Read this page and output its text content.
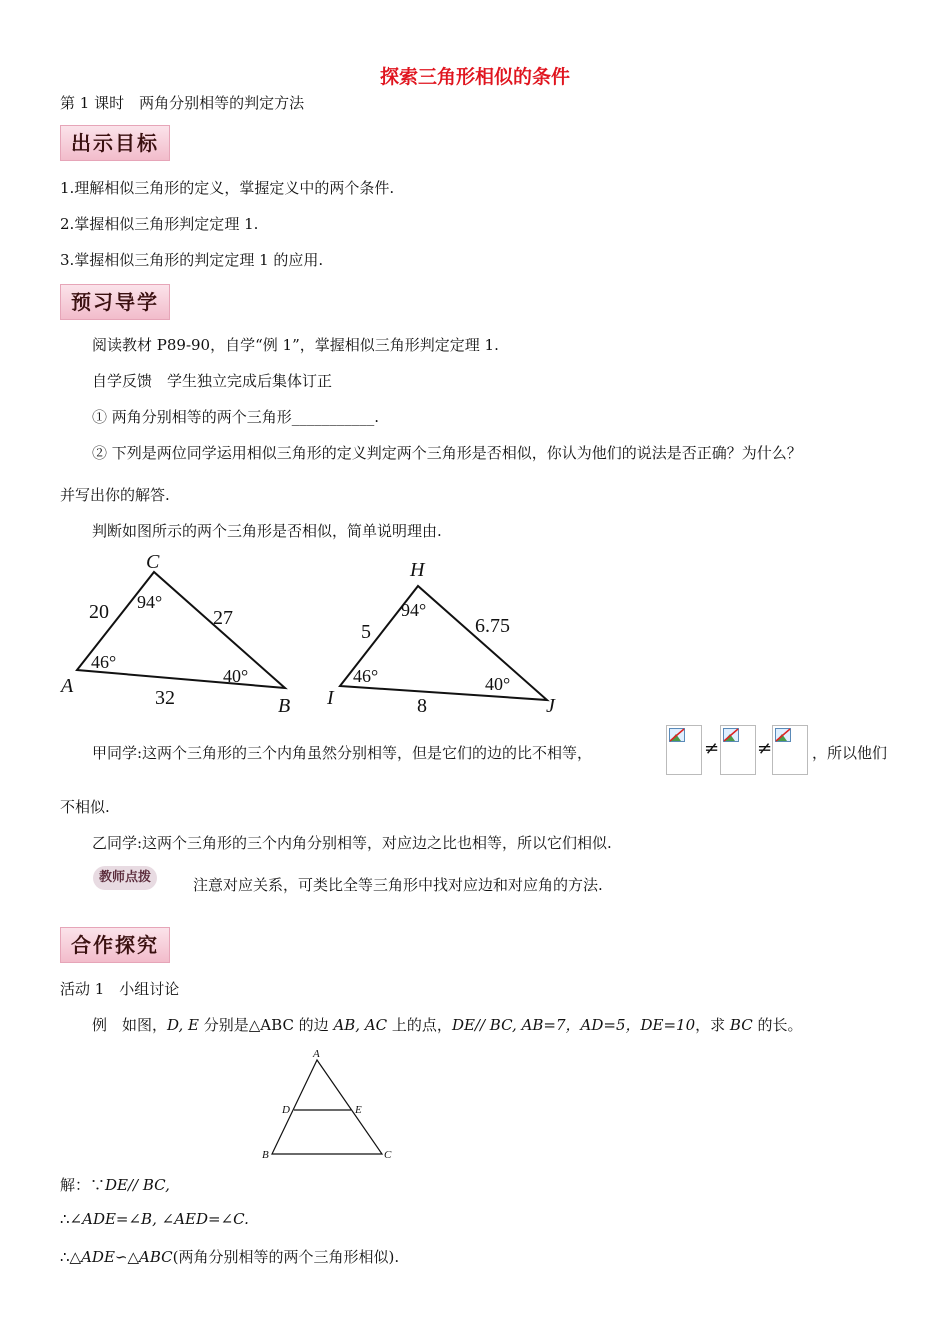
探索三角形相似的条件
第 1 课时　两角分别相等的判定方法
出示目标
1.理解相似三角形的定义，掌握定义中的两个条件.
2.掌握相似三角形判定定理 1.
3.掌握相似三角形的判定定理 1 的应用.
预习导学
阅读教材 P89-90，自学“例 1”，掌握相似三角形判定定理 1.
自学反馈　学生独立完成后集体订正
① 两角分别相等的两个三角形___________.
② 下列是两位同学运用相似三角形的定义判定两个三角形是否相似，你认为他们的说法是否正确？为什么？
并写出你的解答.
判断如图所示的两个三角形是否相似，简单说明理由.
A
B
C
20	27
32
94°
46°
40°
I	J
H
5	6.75
8
94°
46°	40°
甲同学:这两个三角形的三个内角虽然分别相等，但是它们的边的比不相等，	≠ ≠	，所以他们
不相似.
乙同学:这两个三角形的三个内角分别相等，对应边之比也相等，所以它们相似.
教师点拨	注意对应关系，可类比全等三角形中找对应边和对应角的方法.
合作探究
活动 1　小组讨论
例　如图，D, E 分别是△ABC 的边 AB, AC 上的点，DE// BC, AB=7，AD=5，DE=10，求 BC 的长。
A
D	E
B	C
解：∵DE// BC,
∴∠ADE=∠B, ∠AED=∠C.
∴△ADE∽△ABC(两角分别相等的两个三角形相似).
